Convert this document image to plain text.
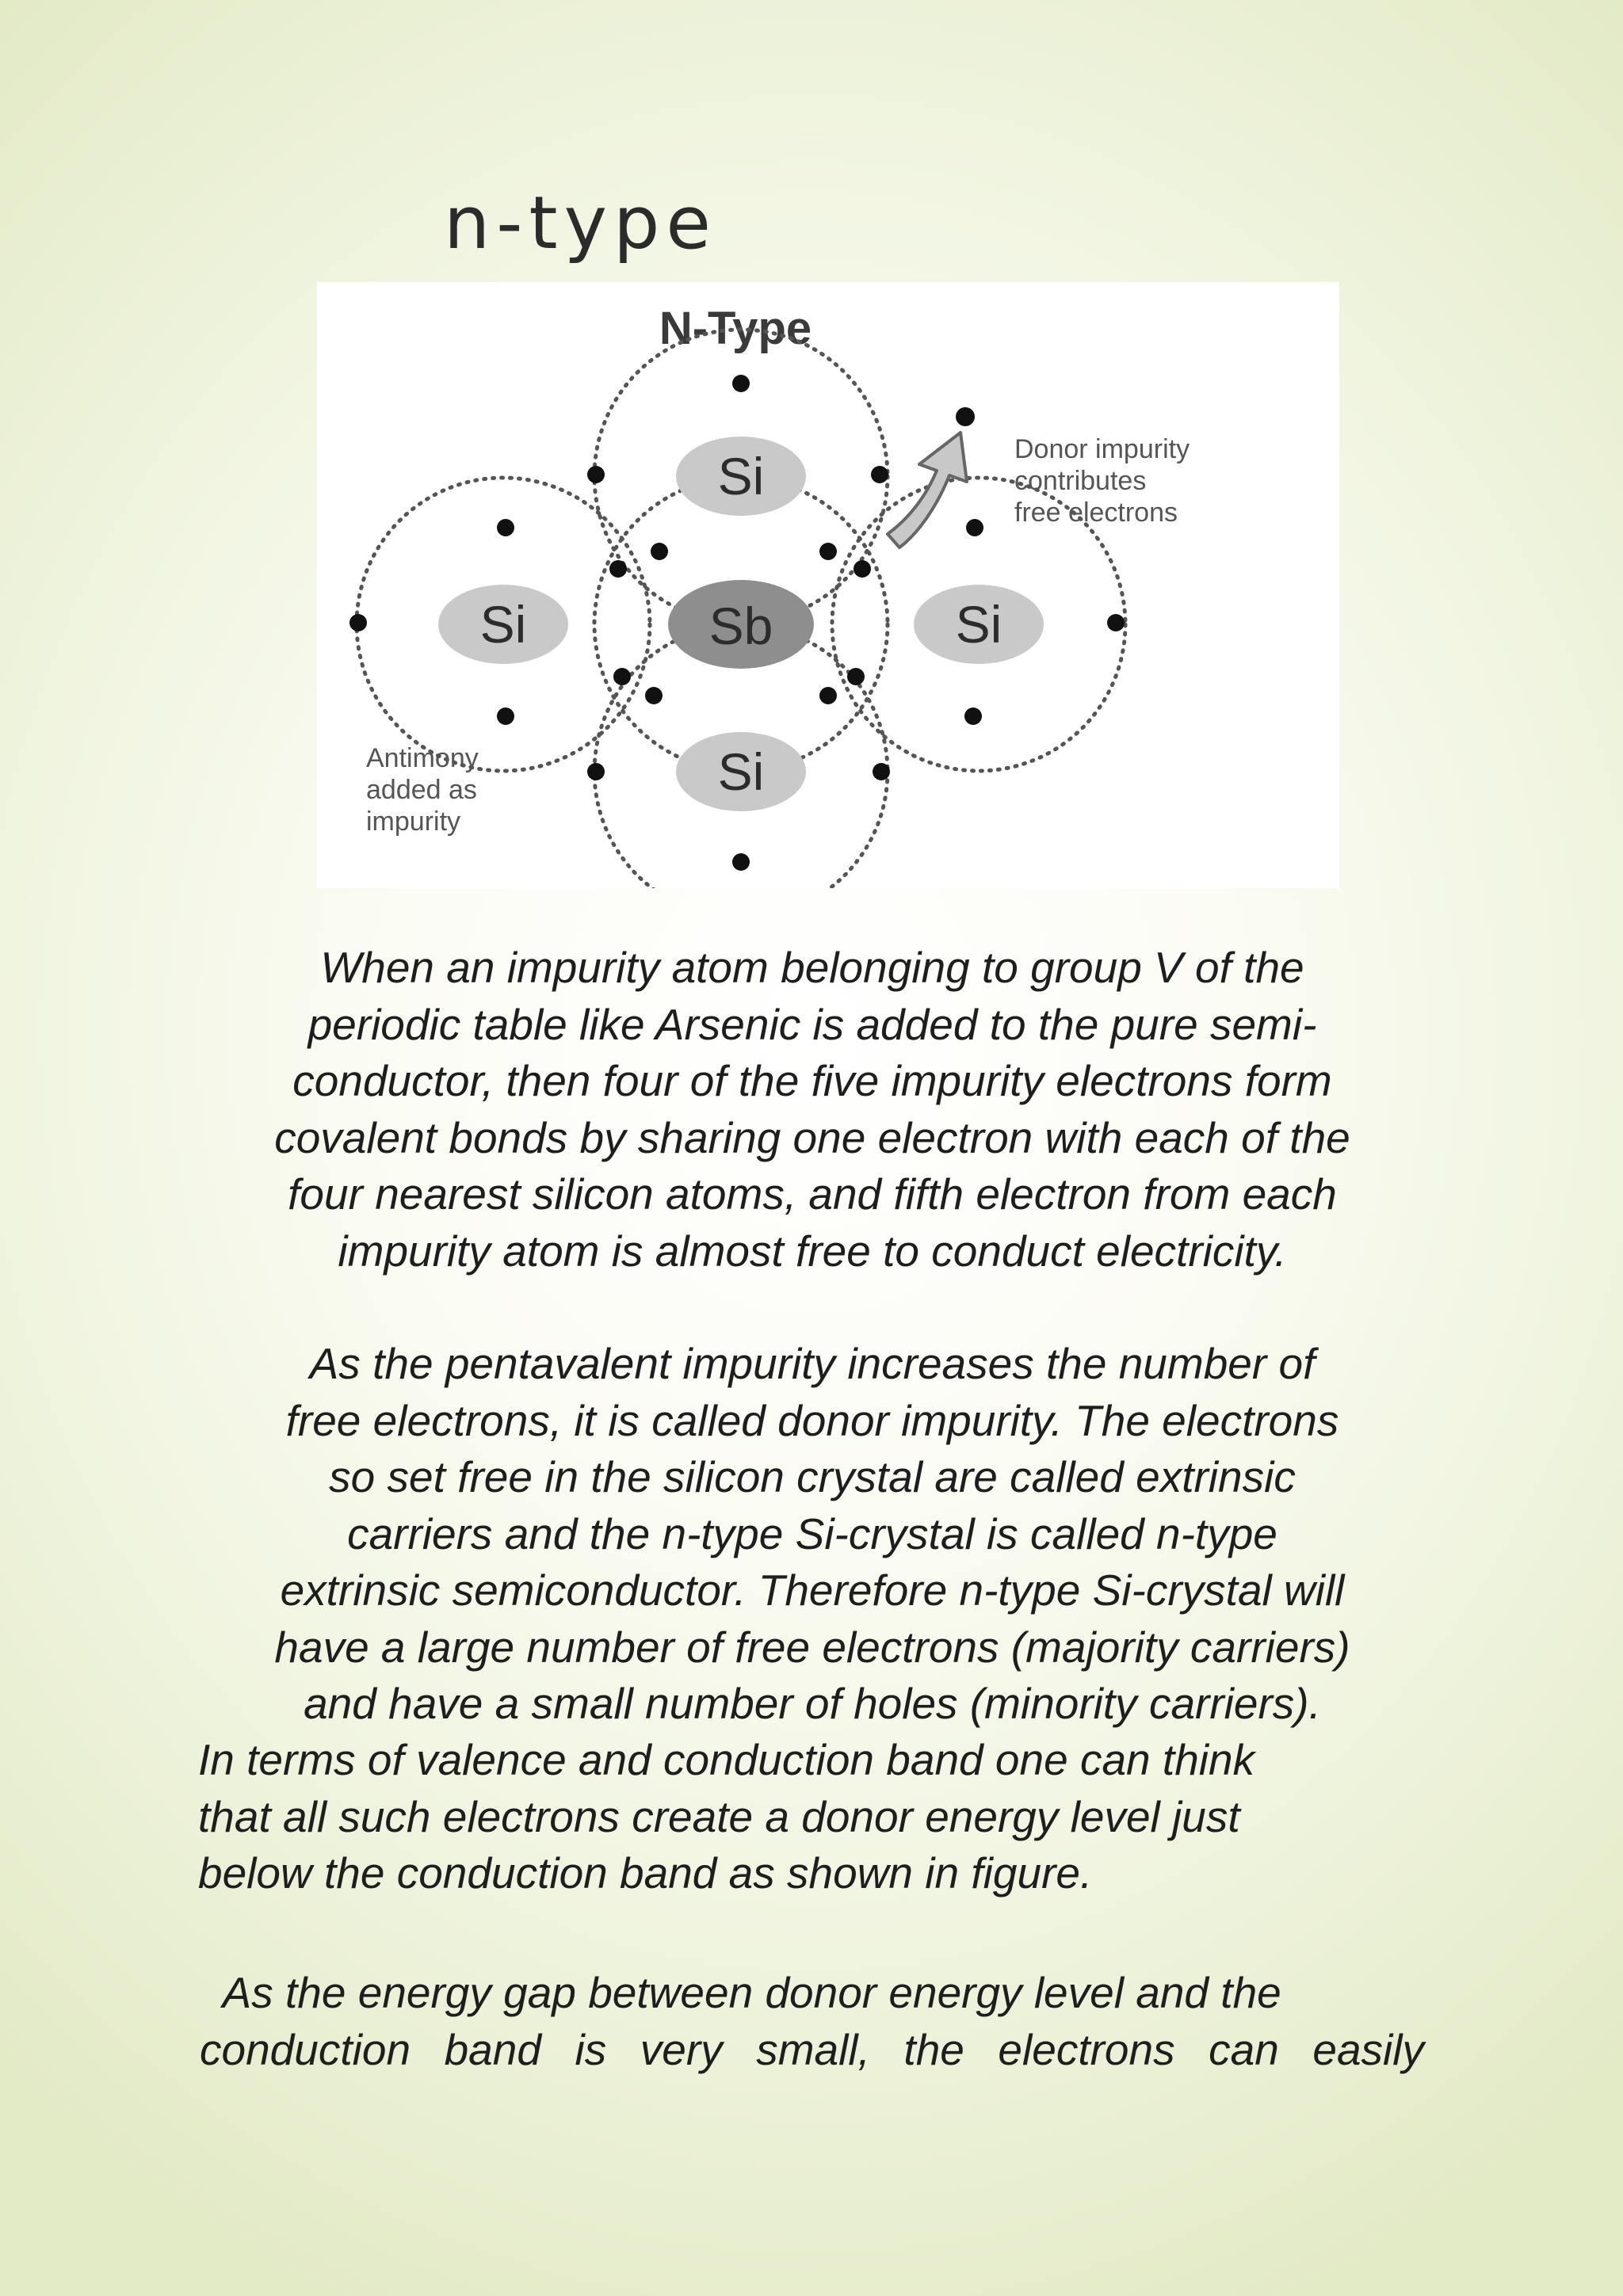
n-type
N-Type
Si
Si	Sb	Si
Si
Donor impurity
contributes
free electrons
Antimony
added as
impurity

When an impurity atom belonging to group V of the
periodic table like Arsenic is added to the pure semi-
conductor, then four of the five impurity electrons form
covalent bonds by sharing one electron with each of the
four nearest silicon atoms, and fifth electron from each
impurity atom is almost free to conduct electricity.

As the pentavalent impurity increases the number of
free electrons, it is called donor impurity. The electrons
so set free in the silicon crystal are called extrinsic
carriers and the n-type Si-crystal is called n-type
extrinsic semiconductor. Therefore n-type Si-crystal will
have a large number of free electrons (majority carriers)
and have a small number of holes (minority carriers).

In terms of valence and conduction band one can think
that all such electrons create a donor energy level just
below the conduction band as shown in figure.

As the energy gap between donor energy level and the
conduction band is very small, the electrons can easily
